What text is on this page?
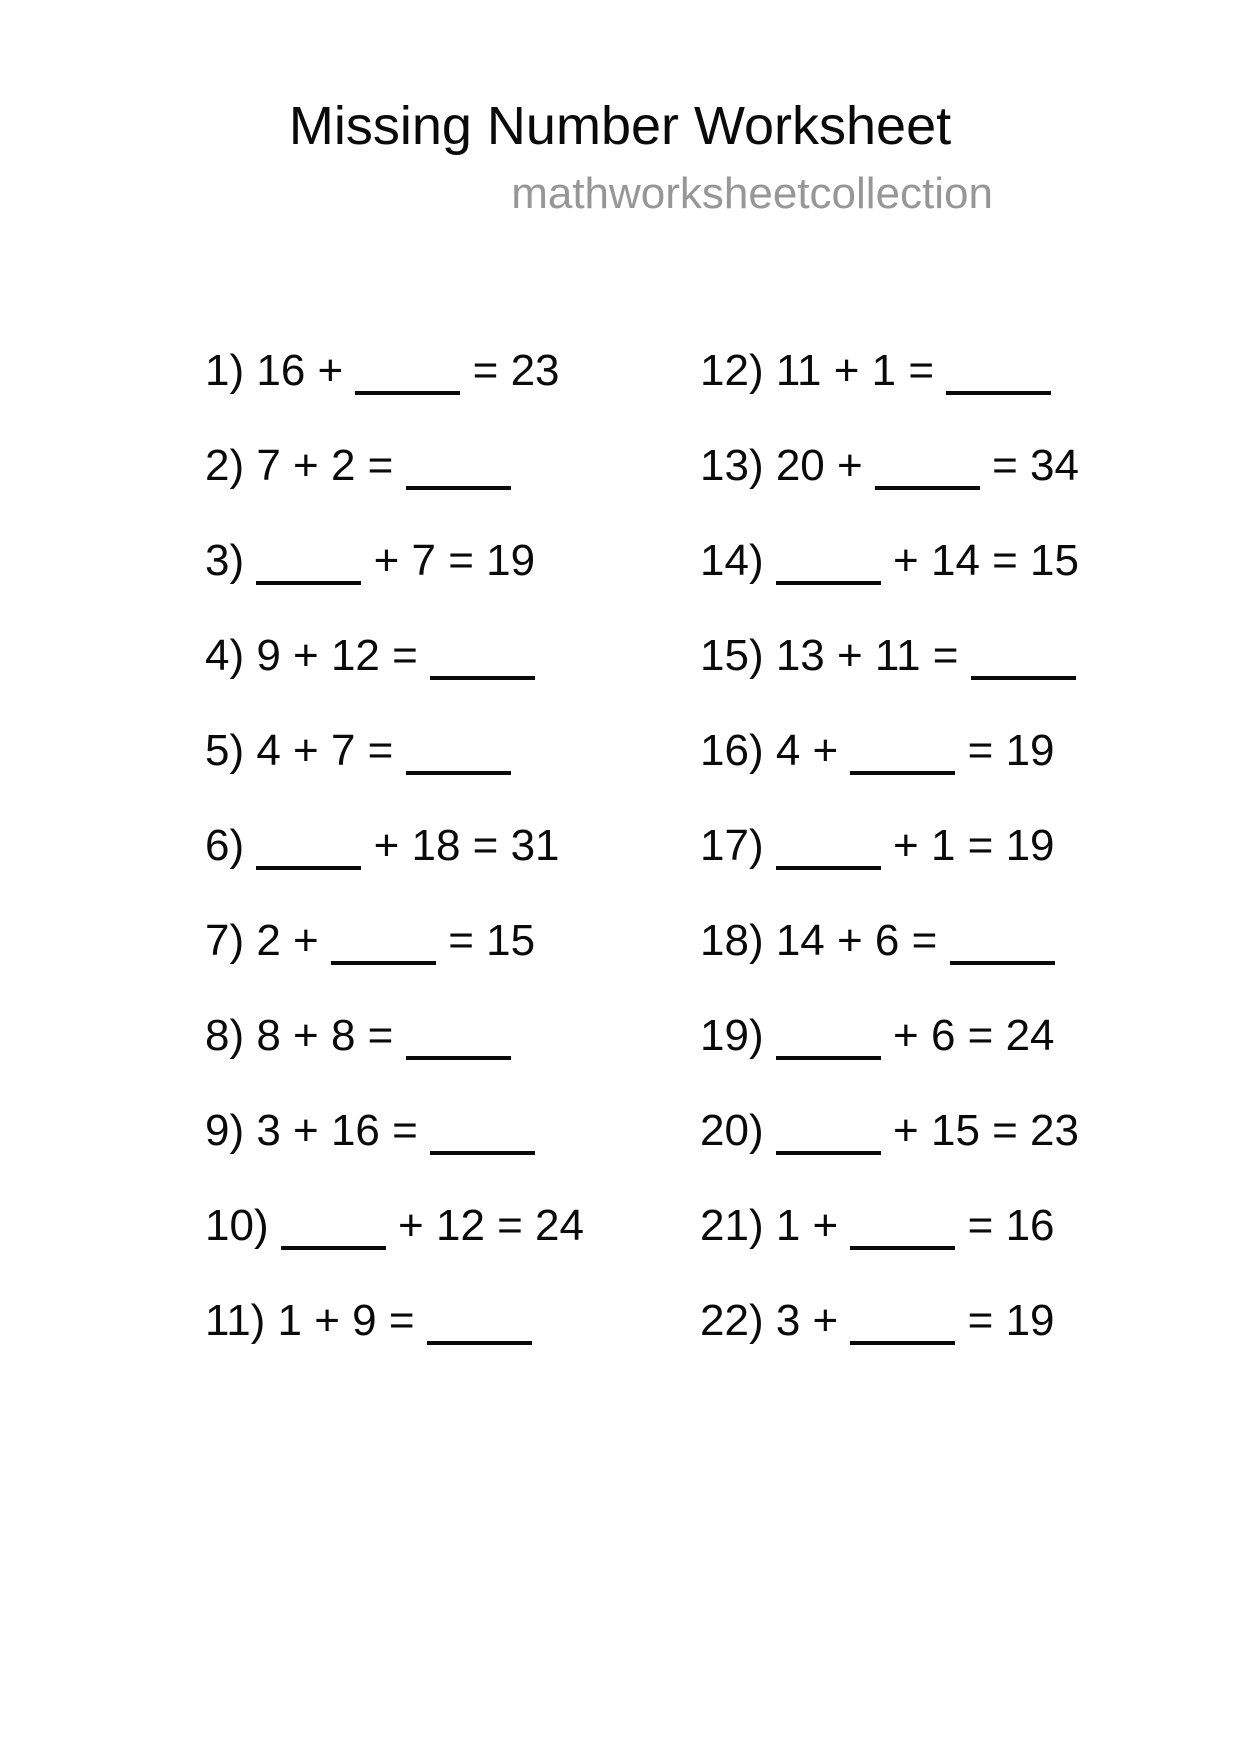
Missing Number Worksheet
mathworksheetcollection
1) 16 +  = 23
2) 7 + 2 =
3)  + 7 = 19
4) 9 + 12 =
5) 4 + 7 =
6)  + 18 = 31
7) 2 +  = 15
8) 8 + 8 =
9) 3 + 16 =
10)  + 12 = 24
11) 1 + 9 =
12) 11 + 1 =
13) 20 +  = 34
14)  + 14 = 15
15) 13 + 11 =
16) 4 +  = 19
17)  + 1 = 19
18) 14 + 6 =
19)  + 6 = 24
20)  + 15 = 23
21) 1 +  = 16
22) 3 +  = 19
